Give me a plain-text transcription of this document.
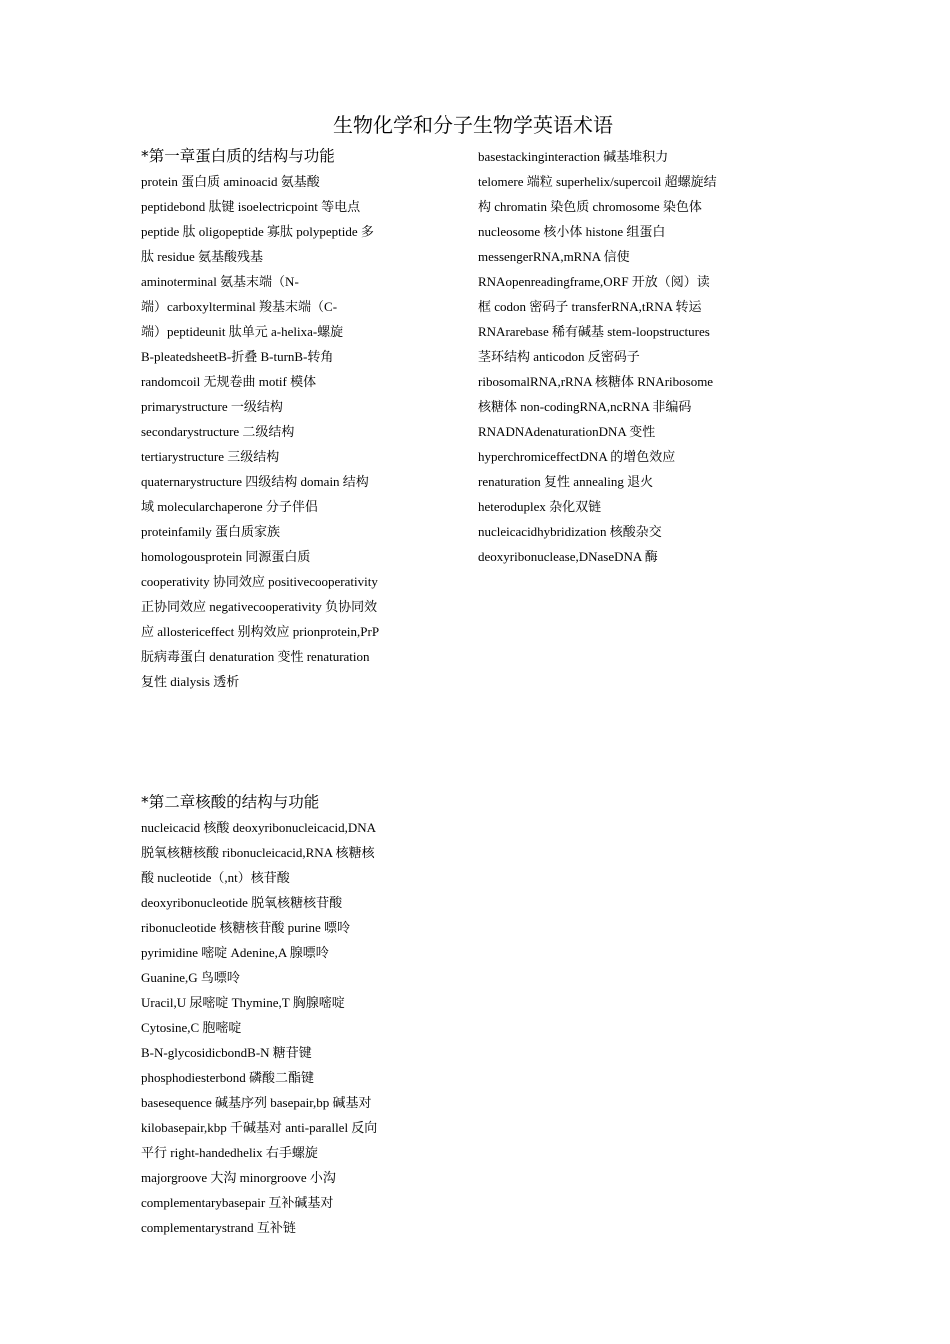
生物化学和分子生物学英语术语
*第一章蛋白质的结构与功能
protein 蛋白质 aminoacid 氨基酸
peptidebond 肽键 isoelectricpoint 等电点
peptide 肽 oligopeptide 寡肽 polypeptide 多
肽 residue 氨基酸残基
aminoterminal 氨基末端（N-
端）carboxylterminal 羧基末端（C-
端）peptideunit 肽单元 a-helixa-螺旋
B-pleatedsheetB-折叠 B-turnB-转角
randomcoil 无规卷曲 motif 模体
primarystructure 一级结构
secondarystructure 二级结构
tertiarystructure 三级结构
quaternarystructure 四级结构 domain 结构
域 molecularchaperone 分子伴侣
proteinfamily 蛋白质家族
homologousprotein 同源蛋白质
cooperativity 协同效应 positivecooperativity
正协同效应 negativecooperativity 负协同效
应 allostericeffect 别构效应 prionprotein,PrP
朊病毒蛋白 denaturation 变性 renaturation
复性 dialysis 透析
basestackinginteraction 碱基堆积力
telomere 端粒 superhelix/supercoil 超螺旋结
构 chromatin 染色质 chromosome 染色体
nucleosome 核小体 histone 组蛋白
messengerRNA,mRNA 信使
RNAopenreadingframe,ORF 开放（阅）读
框 codon 密码子 transferRNA,tRNA 转运
RNArarebase 稀有碱基 stem-loopstructures
茎环结构 anticodon 反密码子
ribosomalRNA,rRNA 核糖体 RNAribosome
核糖体 non-codingRNA,ncRNA 非编码
RNADNAdenaturationDNA 变性
hyperchromiceffectDNA 的增色效应
renaturation 复性 annealing 退火
heteroduplex 杂化双链
nucleicacidhybridization 核酸杂交
deoxyribonuclease,DNaseDNA 酶
*第二章核酸的结构与功能
nucleicacid 核酸 deoxyribonucleicacid,DNA
脱氧核糖核酸 ribonucleicacid,RNA 核糖核
酸 nucleotide（,nt）核苷酸
deoxyribonucleotide 脱氧核糖核苷酸
ribonucleotide 核糖核苷酸 purine 嘌呤
pyrimidine 嘧啶 Adenine,A 腺嘌呤
Guanine,G 鸟嘌呤
Uracil,U 尿嘧啶 Thymine,T 胸腺嘧啶
Cytosine,C 胞嘧啶
B-N-glycosidicbondB-N 糖苷键
phosphodiesterbond 磷酸二酯键
basesequence 碱基序列 basepair,bp 碱基对
kilobasepair,kbp 千碱基对 anti-parallel 反向
平行 right-handedhelix 右手螺旋
majorgroove 大沟 minorgroove 小沟
complementarybasepair 互补碱基对
complementarystrand 互补链
